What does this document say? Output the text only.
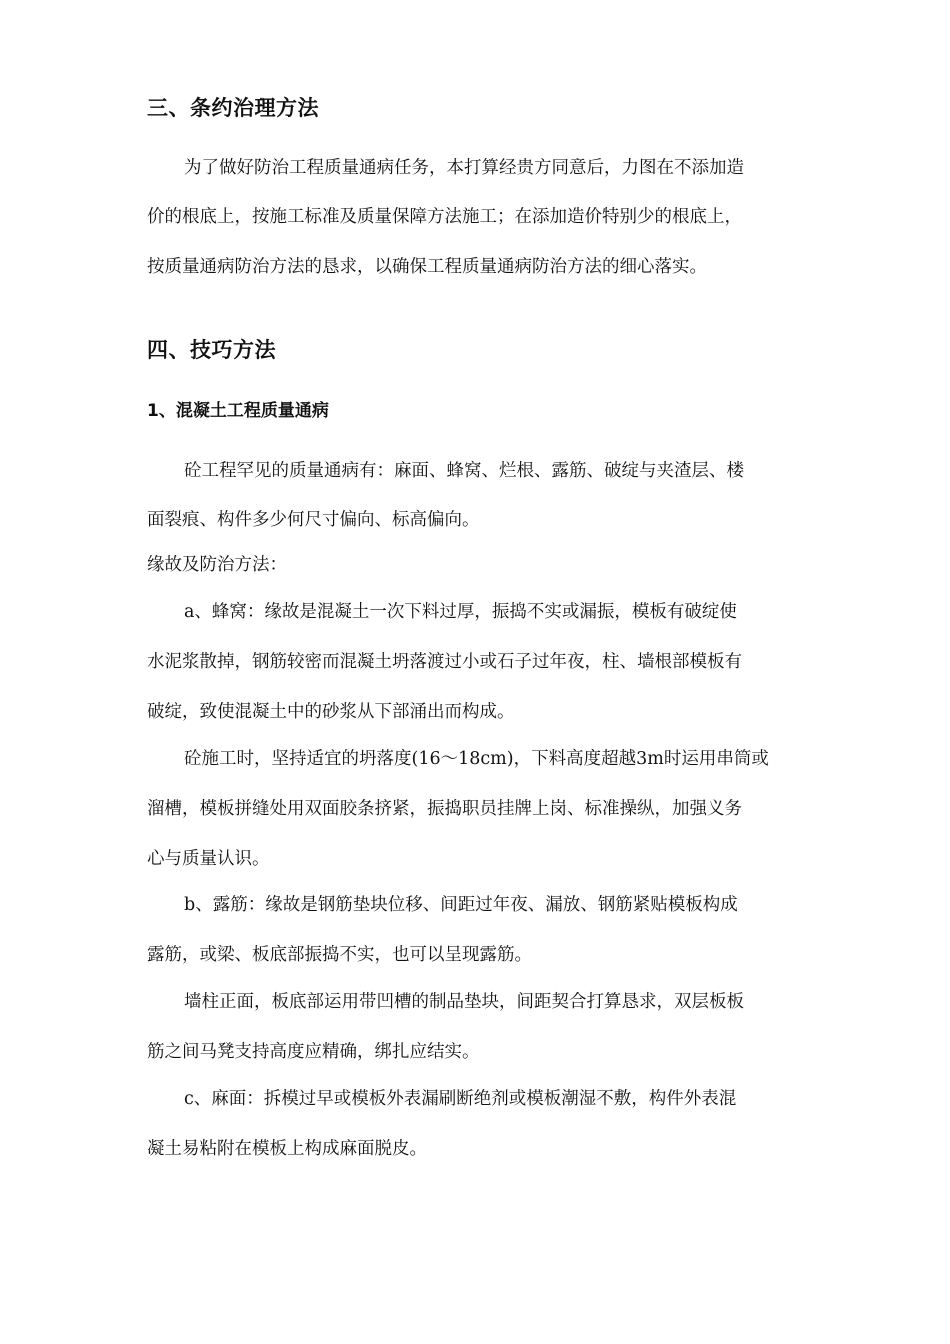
三、条约治理方法

为了做好防治工程质量通病任务，本打算经贵方同意后，力图在不添加造

价的根底上，按施工标准及质量保障方法施工；在添加造价特别少的根底上，

按质量通病防治方法的恳求，以确保工程质量通病防治方法的细心落实。

四、技巧方法
1、混凝土工程质量通病

砼工程罕见的质量通病有：麻面、蜂窝、烂根、露筋、破绽与夹渣层、楼

面裂痕、构件多少何尺寸偏向、标高偏向。

缘故及防治方法：

a、蜂窝：缘故是混凝土一次下料过厚，振捣不实或漏振，模板有破绽使

水泥浆散掉，钢筋较密而混凝土坍落渡过小或石子过年夜，柱、墙根部模板有

破绽，致使混凝土中的砂浆从下部涌出而构成。

砼施工时，坚持适宜的坍落度(16～18cm)，下料高度超越3m时运用串筒或

溜槽，模板拼缝处用双面胶条挤紧，振捣职员挂牌上岗、标准操纵，加强义务

心与质量认识。

b、露筋：缘故是钢筋垫块位移、间距过年夜、漏放、钢筋紧贴模板构成

露筋，或梁、板底部振捣不实，也可以呈现露筋。

墙柱正面，板底部运用带凹槽的制品垫块，间距契合打算恳求，双层板板

筋之间马凳支持高度应精确，绑扎应结实。

c、麻面：拆模过早或模板外表漏刷断绝剂或模板潮湿不敷，构件外表混

凝土易粘附在模板上构成麻面脱皮。
